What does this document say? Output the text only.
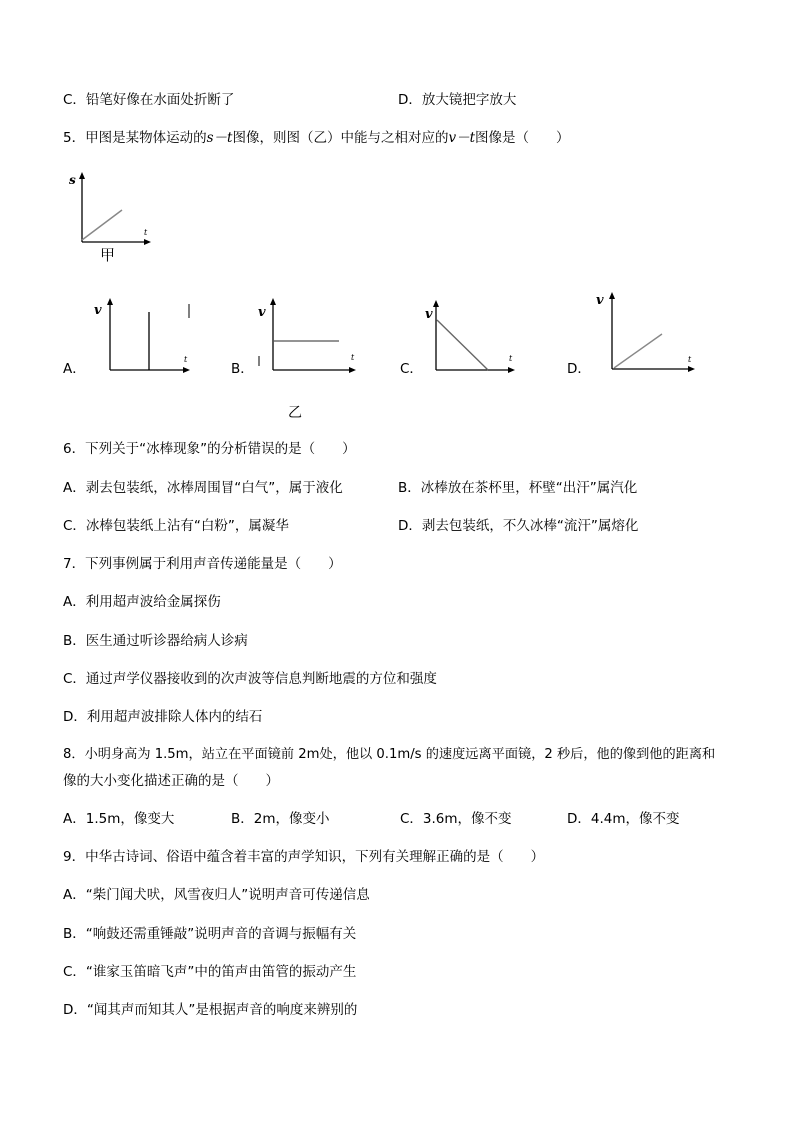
C．铅笔好像在水面处折断了	D．放大镜把字放大
5．甲图是某物体运动的s－t图像，则图（乙）中能与之相对应的v－t图像是（　　）
s
t
甲
A．
v
t
B．
v
t
C．
v
t
D．
v
t
乙
6．下列关于“冰棒现象”的分析错误的是（　　）
A．剥去包装纸，冰棒周围冒“白气”，属于液化	B．冰棒放在茶杯里，杯壁“出汗”属汽化
C．冰棒包装纸上沾有“白粉”，属凝华	D．剥去包装纸，不久冰棒“流汗”属熔化
7．下列事例属于利用声音传递能量是（　　）
A．利用超声波给金属探伤
B．医生通过听诊器给病人诊病
C．通过声学仪器接收到的次声波等信息判断地震的方位和强度
D．利用超声波排除人体内的结石
8．小明身高为 1.5m，站立在平面镜前 2m处，他以 0.1m/s 的速度远离平面镜，2 秒后，他的像到他的距离和
像的大小变化描述正确的是（　　）
A．1.5m，像变大	B．2m，像变小	C．3.6m，像不变	D．4.4m，像不变
9．中华古诗词、俗语中蕴含着丰富的声学知识，下列有关理解正确的是（　　）
A．“柴门闻犬吠，风雪夜归人”说明声音可传递信息
B．“响鼓还需重锤敲”说明声音的音调与振幅有关
C．“谁家玉笛暗飞声”中的笛声由笛管的振动产生
D．“闻其声而知其人”是根据声音的响度来辨别的
